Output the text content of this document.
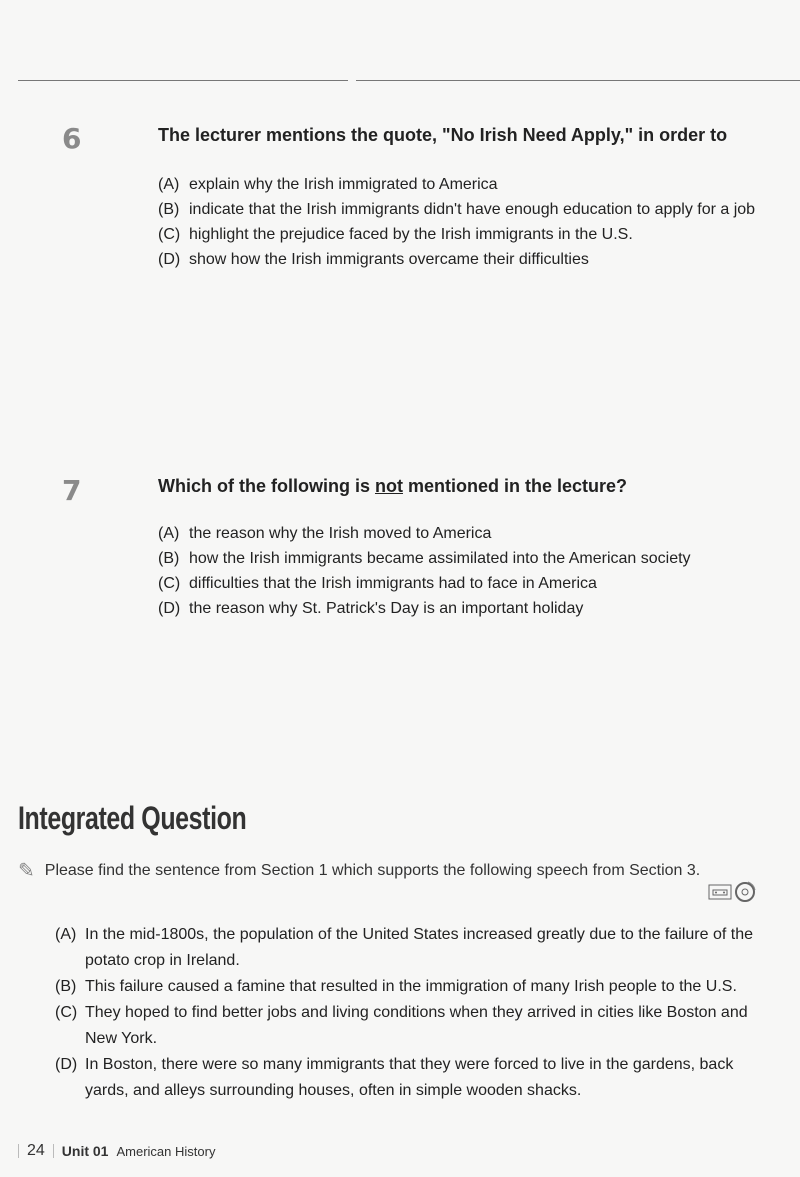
6	The lecturer mentions the quote, "No Irish Need Apply," in order to
(A) explain why the Irish immigrated to America
(B) indicate that the Irish immigrants didn't have enough education to apply for a job
(C) highlight the prejudice faced by the Irish immigrants in the U.S.
(D) show how the Irish immigrants overcame their difficulties
7	Which of the following is not mentioned in the lecture?
(A) the reason why the Irish moved to America
(B) how the Irish immigrants became assimilated into the American society
(C) difficulties that the Irish immigrants had to face in America
(D) the reason why St. Patrick's Day is an important holiday
Integrated Question
✎ Please find the sentence from Section 1 which supports the following speech from Section 3.
(A) In the mid-1800s, the population of the United States increased greatly due to the failure of the potato crop in Ireland.
(B) This failure caused a famine that resulted in the immigration of many Irish people to the U.S.
(C) They hoped to find better jobs and living conditions when they arrived in cities like Boston and New York.
(D) In Boston, there were so many immigrants that they were forced to live in the gardens, back yards, and alleys surrounding houses, often in simple wooden shacks.
24 Unit 01 American History
